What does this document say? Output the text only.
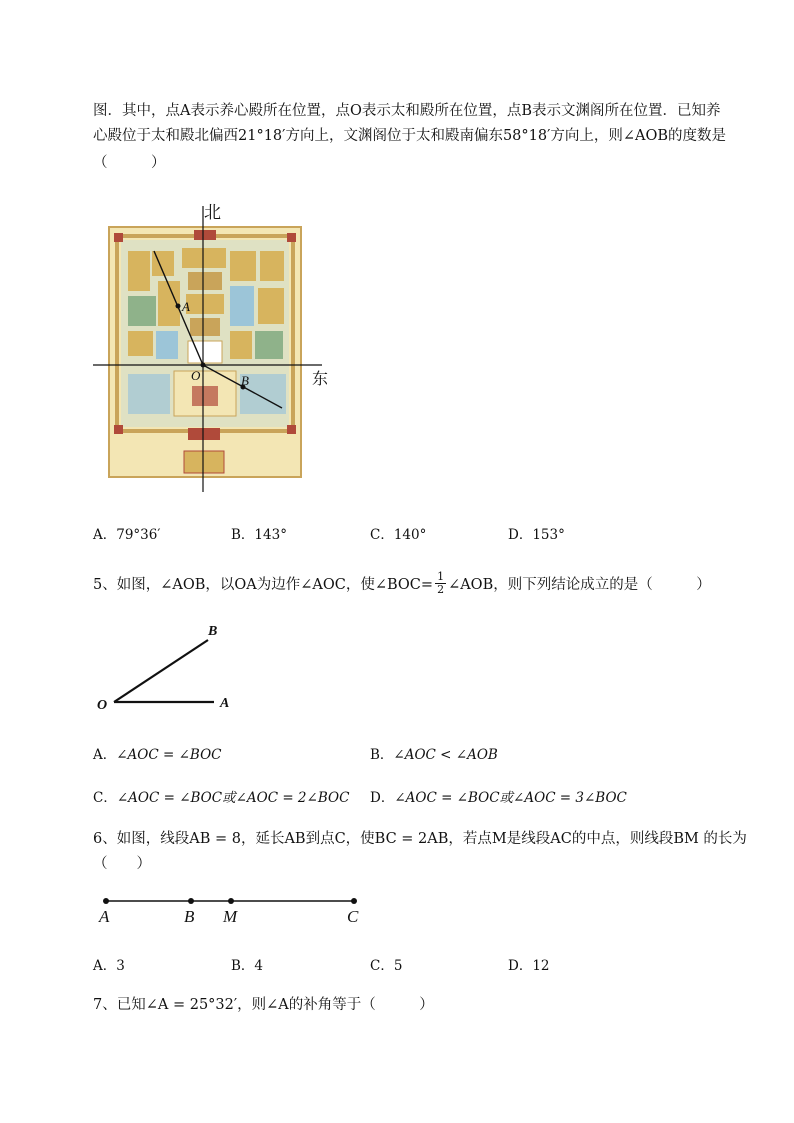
图．其中，点A表示养心殿所在位置，点O表示太和殿所在位置，点B表示文渊阁所在位置．已知养
心殿位于太和殿北偏西21°18′方向上，文渊阁位于太和殿南偏东58°18′方向上，则∠AOB的度数是
（　　　）
北
东
A
O	B
A．79°36′	B．143°	C．140°	D．153°
5、如图，∠AOB，以OA为边作∠AOC，使∠BOC= $\frac{1}{2}$ ∠AOB，则下列结论成立的是（　　　）
B
O	A
A．∠AOC = ∠BOC	B．∠AOC < ∠AOB
C．∠AOC = ∠BOC或∠AOC = 2∠BOC D．∠AOC = ∠BOC或∠AOC = 3∠BOC
6、如图，线段AB = 8，延长AB到点C，使BC = 2AB，若点M是线段AC的中点，则线段BM 的长为
（　　）
A	B M	C
A．3	B．4	C．5	D．12
7、已知∠A = 25°32′，则∠A的补角等于（　　　）
